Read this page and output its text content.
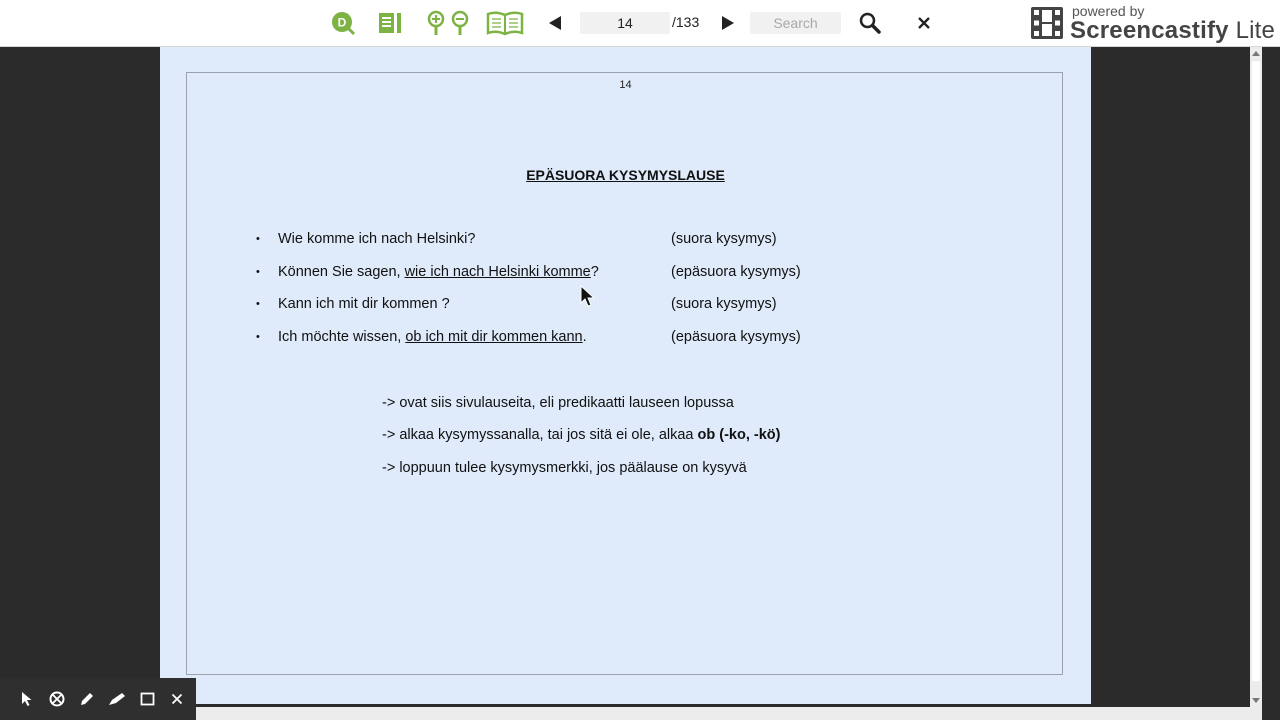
D
14	/133
Search
powered by
Screencastify Lite
14
EPÄSUORA KYSYMYSLAUSE
• Wie komme ich nach Helsinki?	(suora kysymys)
• Können Sie sagen, wie ich nach Helsinki komme?	(epäsuora kysymys)
• Kann ich mit dir kommen ?	(suora kysymys)
• Ich möchte wissen, ob ich mit dir kommen kann.	(epäsuora kysymys)
-> ovat siis sivulauseita, eli predikaatti lauseen lopussa
-> alkaa kysymyssanalla, tai jos sitä ei ole, alkaa ob (-ko, -kö)
-> loppuun tulee kysymysmerkki, jos päälause on kysyvä
